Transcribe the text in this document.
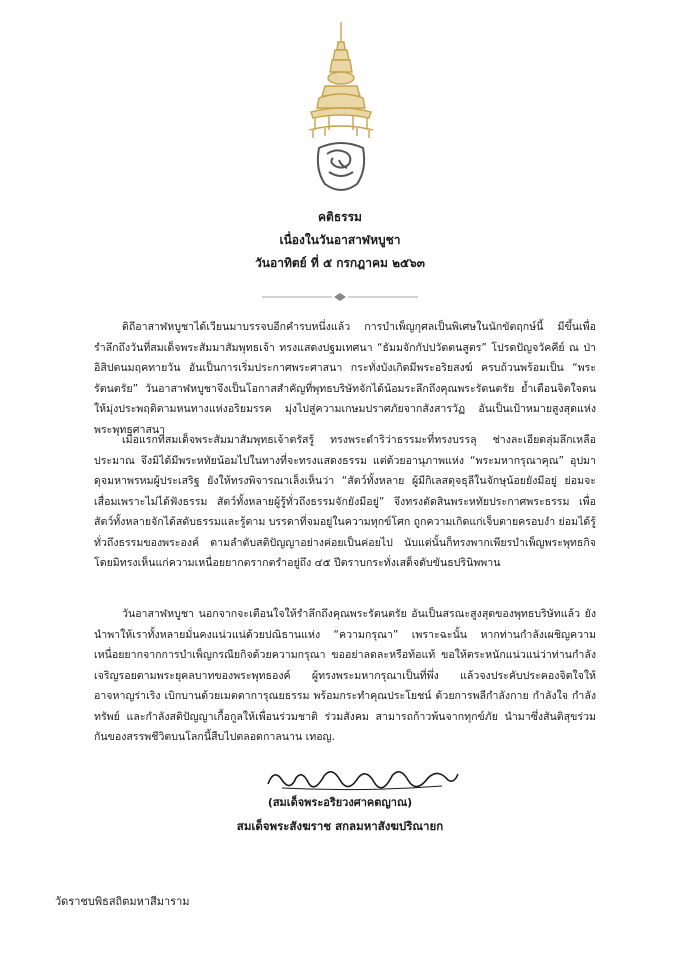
คติธรรม
เนื่องในวันอาสาฬหบูชา
วันอาทิตย์ ที่ ๕ กรกฎาคม ๒๕๖๓

ดิถีอาสาฬหบูชาได้เวียนมาบรรจบอีกคำรบหนึ่งแล้ว การบำเพ็ญกุศลเป็นพิเศษในนักขัตฤกษ์นี้ มีขึ้นเพื่อรำลึกถึงวันที่สมเด็จพระสัมมาสัมพุทธเจ้า ทรงแสดงปฐมเทศนา “ธัมมจักกัปปวัตตนสูตร” โปรดปัญจวัคคีย์ ณ ป่าอิสิปตนมฤคทายวัน อันเป็นการเริ่มประกาศพระศาสนา กระทั่งบังเกิดมีพระอริยสงฆ์ ครบถ้วนพร้อมเป็น “พระรัตนตรัย” วันอาสาฬหบูชาจึงเป็นโอกาสสำคัญที่พุทธบริษัทจักได้น้อมระลึกถึงคุณพระรัตนตรัย ย้ำเตือนจิตใจตนให้มุ่งประพฤติตามหนทางแห่งอริยมรรค มุ่งไปสู่ความเกษมปราศภัยจากสังสารวัฏ อันเป็นเป้าหมายสูงสุดแห่งพระพุทธศาสนา

เมื่อแรกที่สมเด็จพระสัมมาสัมพุทธเจ้าตรัสรู้ ทรงพระดำริว่าธรรมะที่ทรงบรรลุ ช่างละเอียดลุ่มลึกเหลือประมาณ จึงมิได้มีพระหทัยน้อมไปในทางที่จะทรงแสดงธรรม แต่ด้วยอานุภาพแห่ง “พระมหากรุณาคุณ” อุปมาดุจมหาพรหมผู้ประเสริฐ ยังให้ทรงพิจารณาเล็งเห็นว่า “สัตว์ทั้งหลาย ผู้มีกิเลสดุจธุลีในจักษุน้อยยังมีอยู่ ย่อมจะเสื่อมเพราะไม่ได้ฟังธรรม สัตว์ทั้งหลายผู้รู้ทั่วถึงธรรมจักยังมีอยู่” จึงทรงตัดสินพระหทัยประกาศพระธรรม เพื่อสัตว์ทั้งหลายจักได้สดับธรรมและรู้ตาม บรรดาที่จมอยู่ในความทุกข์โศก ถูกความเกิดแก่เจ็บตายครอบงำ ย่อมได้รู้ทั่วถึงธรรมของพระองค์ ตามลำดับสติปัญญาอย่างค่อยเป็นค่อยไป นับแต่นั้นก็ทรงพากเพียรบำเพ็ญพระพุทธกิจโดยมิทรงเห็นแก่ความเหนื่อยยากตรากตรำอยู่ถึง ๔๕ ปีตราบกระทั่งเสด็จดับขันธปรินิพพาน

วันอาสาฬหบูชา นอกจากจะเตือนใจให้รำลึกถึงคุณพระรัตนตรัย อันเป็นสรณะสูงสุดของพุทธบริษัทแล้ว ยังนำพาให้เราทั้งหลายมั่นคงแน่วแน่ด้วยปณิธานแห่ง “ความกรุณา” เพราะฉะนั้น หากท่านกำลังเผชิญความเหนื่อยยากจากการบำเพ็ญกรณียกิจด้วยความกรุณา ขออย่าลดละหรือท้อแท้ ขอให้ตระหนักแน่วแน่ว่าท่านกำลังเจริญรอยตามพระยุคลบาทของพระพุทธองค์ ผู้ทรงพระมหากรุณาเป็นที่พึ่ง แล้วจงประคับประคองจิตใจให้อาจหาญร่าเริง เบิกบานด้วยเมตตาการุณยธรรม พร้อมกระทำคุณประโยชน์ ด้วยการพลีกำลังกาย กำลังใจ กำลังทรัพย์ และกำลังสติปัญญาเกื้อกูลให้เพื่อนร่วมชาติ ร่วมสังคม สามารถก้าวพ้นจากทุกข์ภัย นำมาซึ่งสันติสุขร่วมกันของสรรพชีวิตบนโลกนี้สืบไปตลอดกาลนาน เทอญ.

(สมเด็จพระอริยวงศาคตญาณ)
สมเด็จพระสังฆราช สกลมหาสังฆปริณายก
วัดราชบพิธสถิตมหาสีมาราม
